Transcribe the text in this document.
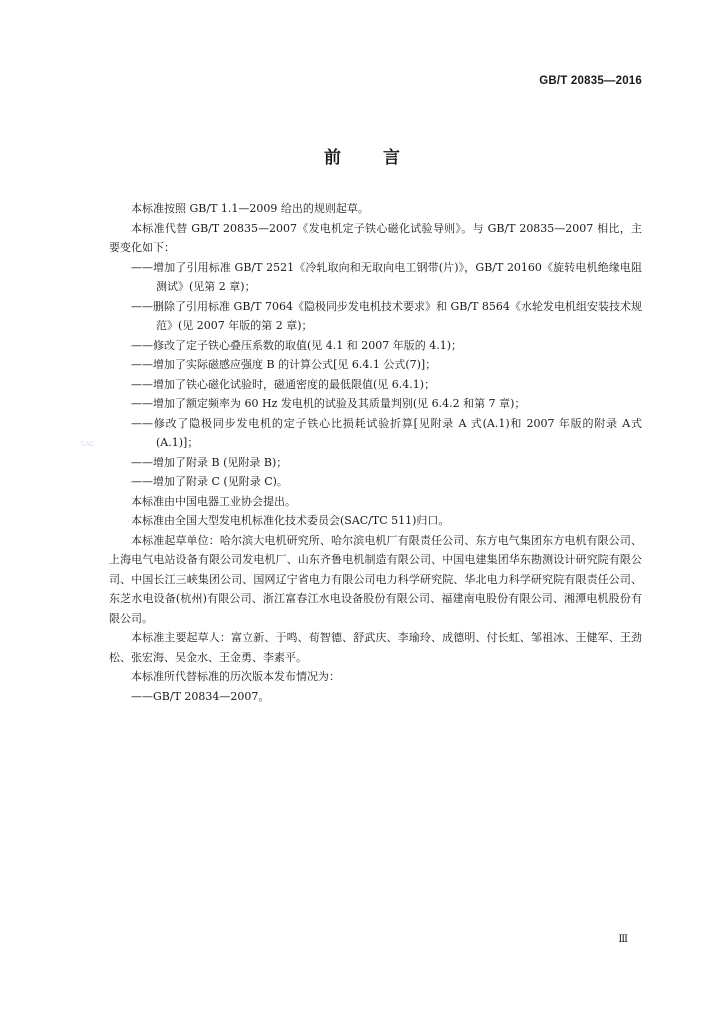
GB/T 20835—2016
前言

本标准按照 GB/T 1.1—2009 给出的规则起草。

本标准代替 GB/T 20835—2007《发电机定子铁心磁化试验导则》。与 GB/T 20835—2007 相比，主要变化如下：

——增加了引用标准 GB/T 2521《冷轧取向和无取向电工钢带(片)》，GB/T 20160《旋转电机绝缘电阻测试》(见第 2 章)；

——删除了引用标准 GB/T 7064《隐极同步发电机技术要求》和 GB/T 8564《水轮发电机组安装技术规范》(见 2007 年版的第 2 章)；

——修改了定子铁心叠压系数的取值(见 4.1 和 2007 年版的 4.1)；

——增加了实际磁感应强度 B 的计算公式[见 6.4.1 公式(7)]；

——增加了铁心磁化试验时，磁通密度的最低限值(见 6.4.1)；

——增加了额定频率为 60 Hz 发电机的试验及其质量判别(见 6.4.2 和第 7 章)；

——修改了隐极同步发电机的定子铁心比损耗试验折算[见附录 A 式(A.1)和 2007 年版的附录 A式(A.1)]；

——增加了附录 B (见附录 B)；

——增加了附录 C (见附录 C)。

本标准由中国电器工业协会提出。

本标准由全国大型发电机标准化技术委员会(SAC/TC 511)归口。

本标准起草单位：哈尔滨大电机研究所、哈尔滨电机厂有限责任公司、东方电气集团东方电机有限公司、上海电气电站设备有限公司发电机厂、山东齐鲁电机制造有限公司、中国电建集团华东勘测设计研究院有限公司、中国长江三峡集团公司、国网辽宁省电力有限公司电力科学研究院、华北电力科学研究院有限责任公司、东芝水电设备(杭州)有限公司、浙江富春江水电设备股份有限公司、福建南电股份有限公司、湘潭电机股份有限公司。

本标准主要起草人：富立新、于鸣、荀智德、舒武庆、李瑜玲、成德明、付长虹、邹祖冰、王健军、王劲松、张宏海、吴金水、王金勇、李素平。

本标准所代替标准的历次版本发布情况为：

——GB/T 20834—2007。

SAC
Ⅲ
